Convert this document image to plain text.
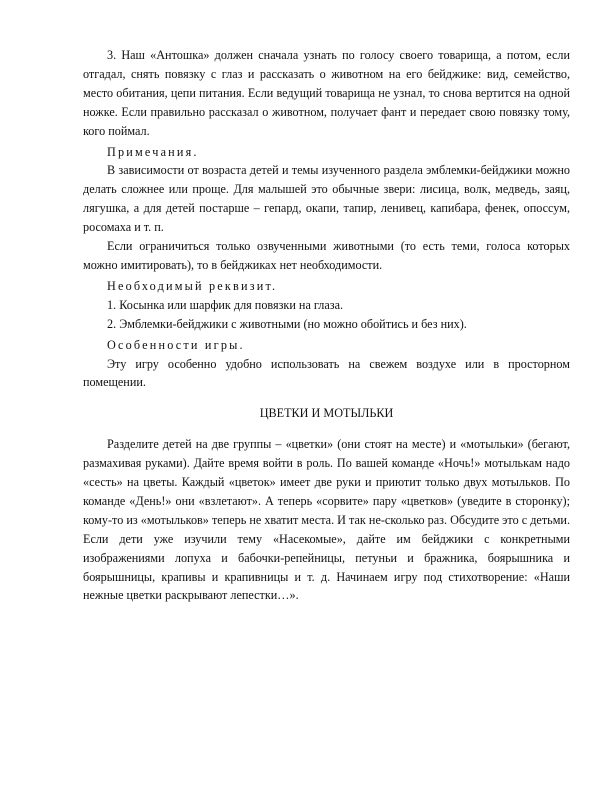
3. Наш «Антошка» должен сначала узнать по голосу своего товарища, а потом, если отгадал, снять повязку с глаз и рассказать о животном на его бейджике: вид, семейство, место обитания, цепи питания. Если ведущий товарища не узнал, то снова вертится на одной ножке. Если правильно рассказал о животном, получает фант и передает свою повязку тому, кого поймал.

Примечания.

В зависимости от возраста детей и темы изученного раздела эмблемки-бейджики можно делать сложнее или проще. Для малышей это обычные звери: лисица, волк, медведь, заяц, лягушка, а для детей постарше – гепард, окапи, тапир, ленивец, капибара, фенек, опоссум, росомаха и т. п.

Если ограничиться только озвученными животными (то есть теми, голоса которых можно имитировать), то в бейджиках нет необходимости.

Необходимый реквизит.

1. Косынка или шарфик для повязки на глаза.

2. Эмблемки-бейджики с животными (но можно обойтись и без них).

Особенности игры.

Эту игру особенно удобно использовать на свежем воздухе или в просторном помещении.

ЦВЕТКИ И МОТЫЛЬКИ

Разделите детей на две группы – «цветки» (они стоят на месте) и «мотыльки» (бегают, размахивая руками). Дайте время войти в роль. По вашей команде «Ночь!» мотылькам надо «сесть» на цветы. Каждый «цветок» имеет две руки и приютит только двух мотыльков. По команде «День!» они «взлетают». А теперь «сорвите» пару «цветков» (уведите в сторонку); кому-то из «мотыльков» теперь не хватит места. И так не-сколько раз. Обсудите это с детьми. Если дети уже изучили тему «Насекомые», дайте им бейджики с конкретными изображениями лопуха и бабочки-репейницы, петуньи и бражника, боярышника и боярышницы, крапивы и крапивницы и т. д. Начинаем игру под стихотворение: «Наши нежные цветки раскрывают лепестки…».
